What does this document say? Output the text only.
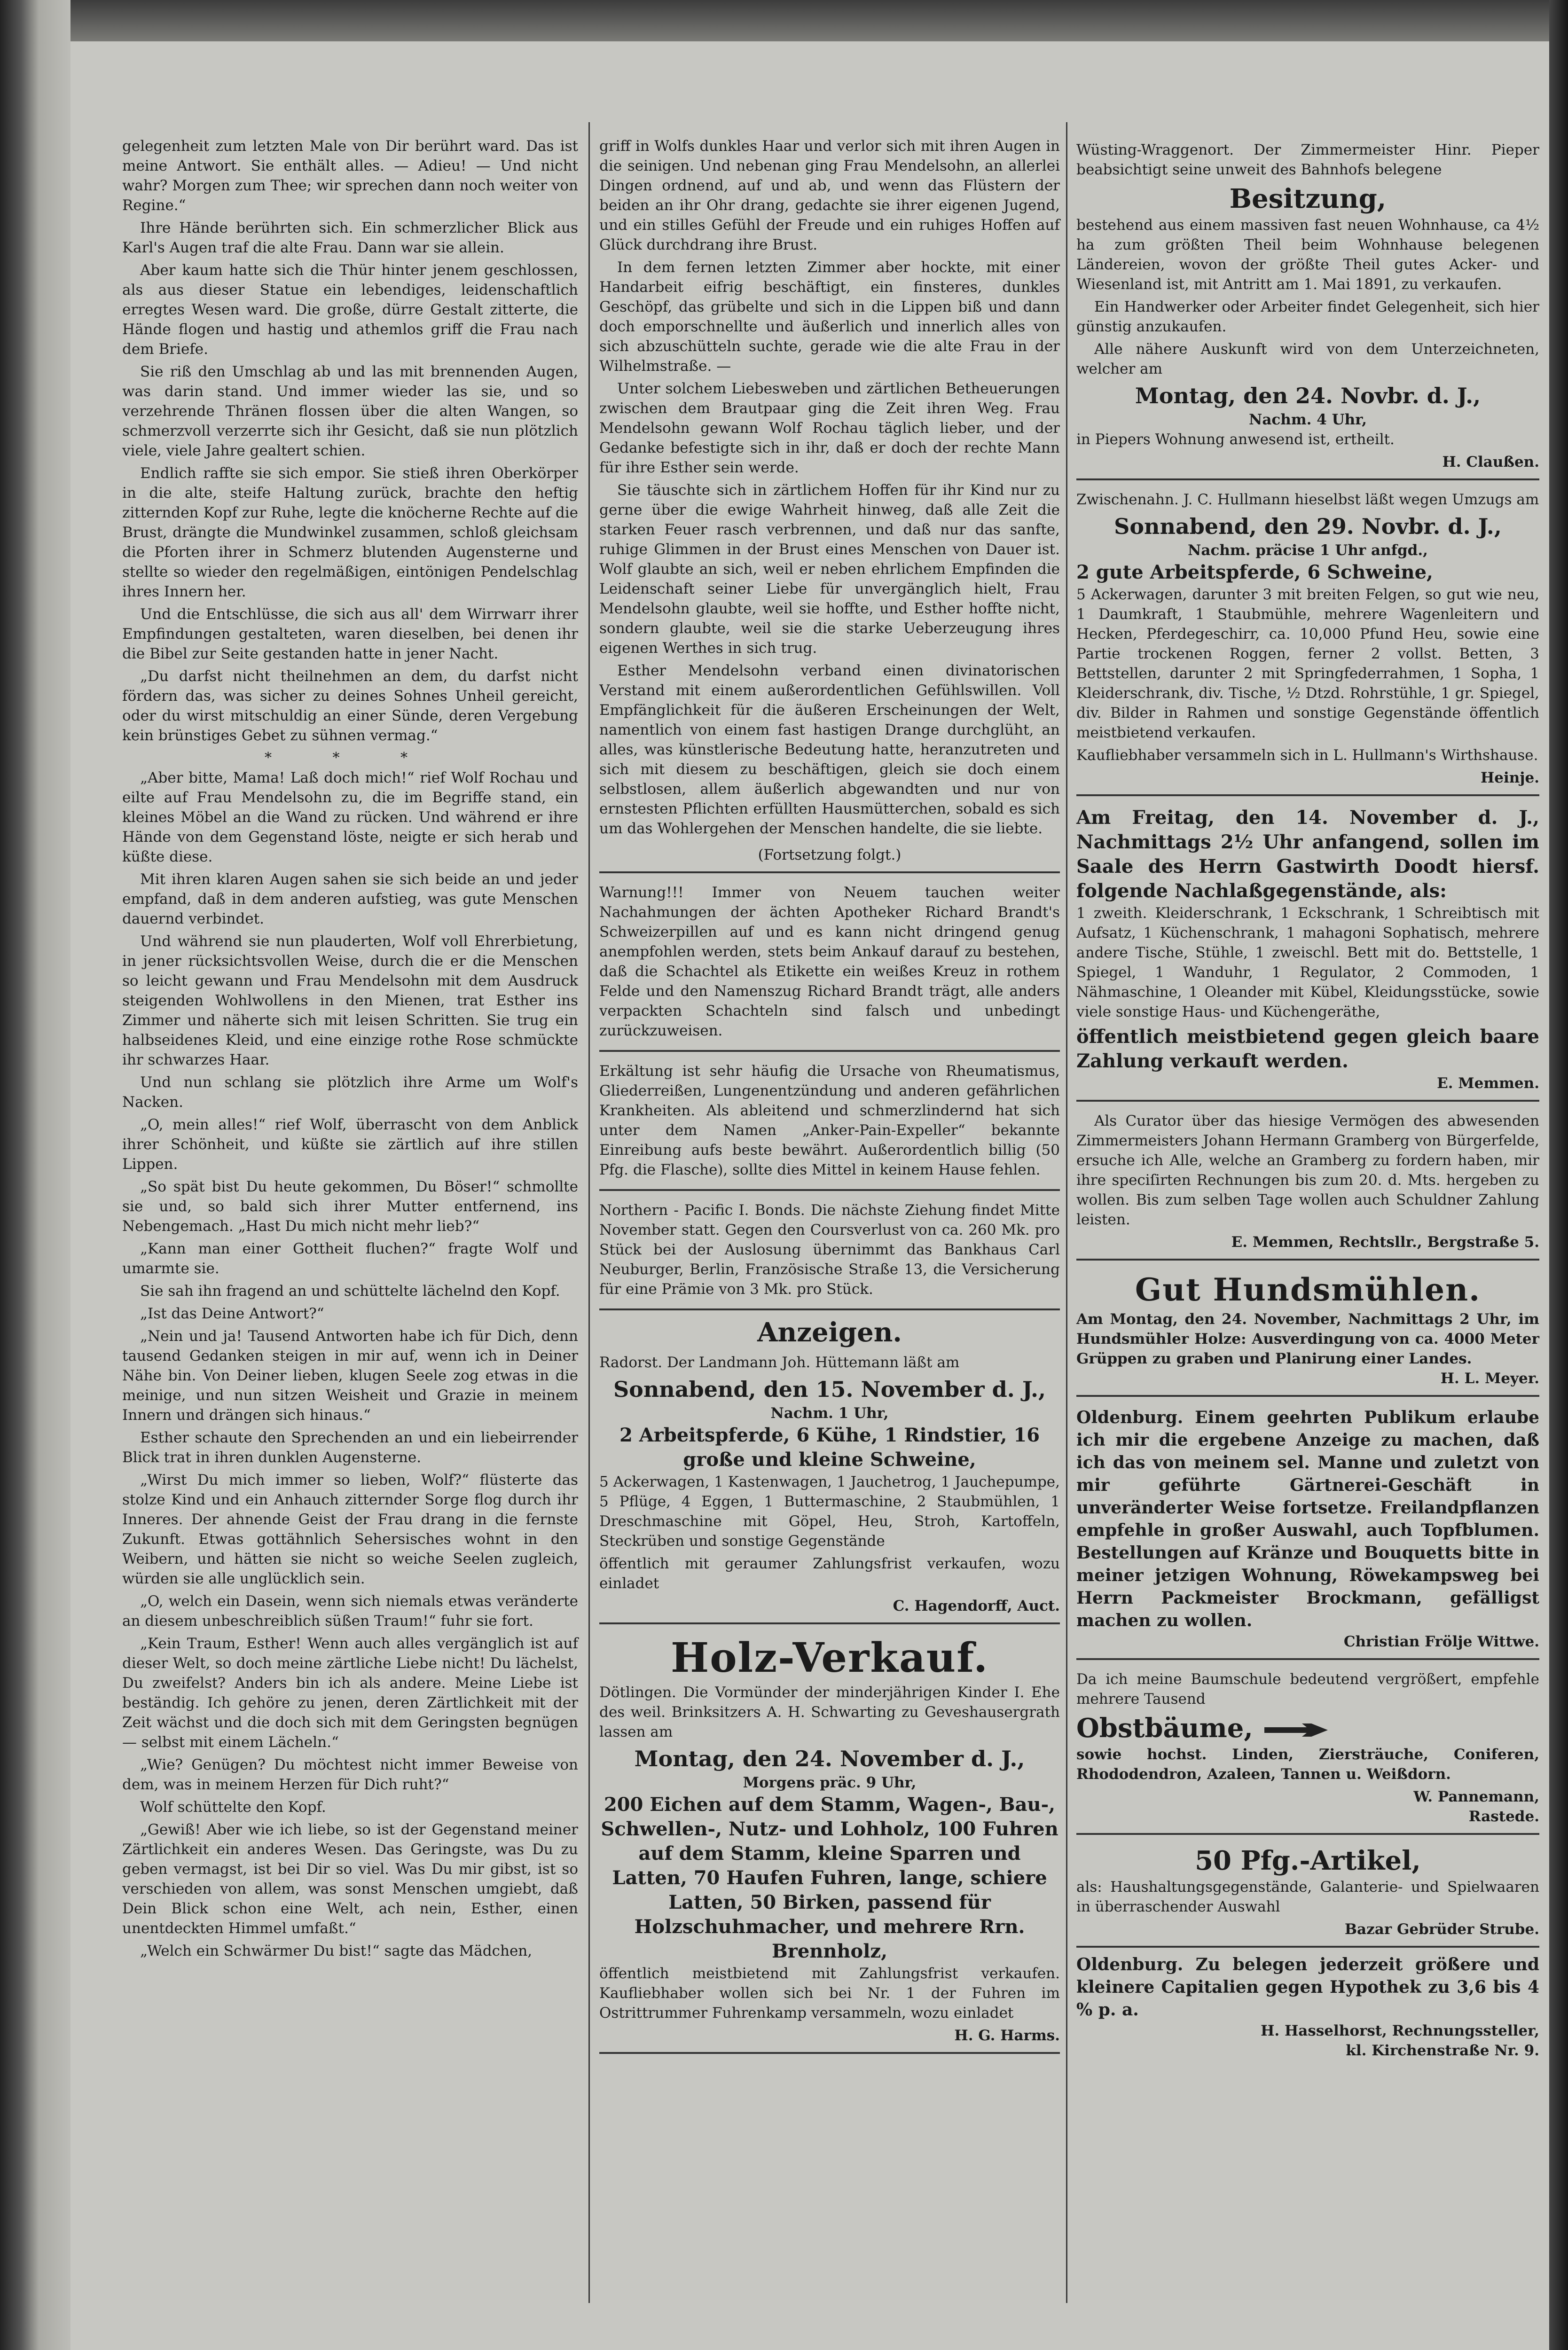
gelegenheit zum letzten Male von Dir berührt ward. Das ist meine Antwort. Sie enthält alles. — Adieu! — Und nicht wahr? Morgen zum Thee; wir sprechen dann noch weiter von Regine.“

Ihre Hände berührten sich. Ein schmerzlicher Blick aus Karl's Augen traf die alte Frau. Dann war sie allein.

Aber kaum hatte sich die Thür hinter jenem geschlossen, als aus dieser Statue ein lebendiges, leidenschaftlich erregtes Wesen ward. Die große, dürre Gestalt zitterte, die Hände flogen und hastig und athemlos griff die Frau nach dem Briefe.

Sie riß den Umschlag ab und las mit brennenden Augen, was darin stand. Und immer wieder las sie, und so verzehrende Thränen flossen über die alten Wangen, so schmerzvoll verzerrte sich ihr Gesicht, daß sie nun plötzlich viele, viele Jahre gealtert schien.

Endlich raffte sie sich empor. Sie stieß ihren Oberkörper in die alte, steife Haltung zurück, brachte den heftig zitternden Kopf zur Ruhe, legte die knöcherne Rechte auf die Brust, drängte die Mundwinkel zusammen, schloß gleichsam die Pforten ihrer in Schmerz blutenden Augensterne und stellte so wieder den regelmäßigen, eintönigen Pendelschlag ihres Innern her.

Und die Entschlüsse, die sich aus all' dem Wirrwarr ihrer Empfindungen gestalteten, waren dieselben, bei denen ihr die Bibel zur Seite gestanden hatte in jener Nacht.

„Du darfst nicht theilnehmen an dem, du darfst nicht fördern das, was sicher zu deines Sohnes Unheil gereicht, oder du wirst mitschuldig an einer Sünde, deren Vergebung kein brünstiges Gebet zu sühnen vermag.“

* * *

„Aber bitte, Mama! Laß doch mich!“ rief Wolf Rochau und eilte auf Frau Mendelsohn zu, die im Begriffe stand, ein kleines Möbel an die Wand zu rücken. Und während er ihre Hände von dem Gegenstand löste, neigte er sich herab und küßte diese.

Mit ihren klaren Augen sahen sie sich beide an und jeder empfand, daß in dem anderen aufstieg, was gute Menschen dauernd verbindet.

Und während sie nun plauderten, Wolf voll Ehrerbietung, in jener rücksichtsvollen Weise, durch die er die Menschen so leicht gewann und Frau Mendelsohn mit dem Ausdruck steigenden Wohlwollens in den Mienen, trat Esther ins Zimmer und näherte sich mit leisen Schritten. Sie trug ein halbseidenes Kleid, und eine einzige rothe Rose schmückte ihr schwarzes Haar.

Und nun schlang sie plötzlich ihre Arme um Wolf's Nacken.

„O, mein alles!“ rief Wolf, überrascht von dem Anblick ihrer Schönheit, und küßte sie zärtlich auf ihre stillen Lippen.

„So spät bist Du heute gekommen, Du Böser!“ schmollte sie und, so bald sich ihrer Mutter entfernend, ins Nebengemach. „Hast Du mich nicht mehr lieb?“

„Kann man einer Gottheit fluchen?“ fragte Wolf und umarmte sie.

Sie sah ihn fragend an und schüttelte lächelnd den Kopf.

„Ist das Deine Antwort?“

„Nein und ja! Tausend Antworten habe ich für Dich, denn tausend Gedanken steigen in mir auf, wenn ich in Deiner Nähe bin. Von Deiner lieben, klugen Seele zog etwas in die meinige, und nun sitzen Weisheit und Grazie in meinem Innern und drängen sich hinaus.“

Esther schaute den Sprechenden an und ein liebeirrender Blick trat in ihren dunklen Augensterne.

„Wirst Du mich immer so lieben, Wolf?“ flüsterte das stolze Kind und ein Anhauch zitternder Sorge flog durch ihr Inneres. Der ahnende Geist der Frau drang in die fernste Zukunft. Etwas gottähnlich Sehersisches wohnt in den Weibern, und hätten sie nicht so weiche Seelen zugleich, würden sie alle unglücklich sein.

„O, welch ein Dasein, wenn sich niemals etwas veränderte an diesem unbeschreiblich süßen Traum!“ fuhr sie fort.

„Kein Traum, Esther! Wenn auch alles vergänglich ist auf dieser Welt, so doch meine zärtliche Liebe nicht! Du lächelst, Du zweifelst? Anders bin ich als andere. Meine Liebe ist beständig. Ich gehöre zu jenen, deren Zärtlichkeit mit der Zeit wächst und die doch sich mit dem Geringsten begnügen — selbst mit einem Lächeln.“

„Wie? Genügen? Du möchtest nicht immer Beweise von dem, was in meinem Herzen für Dich ruht?“

Wolf schüttelte den Kopf.

„Gewiß! Aber wie ich liebe, so ist der Gegenstand meiner Zärtlichkeit ein anderes Wesen. Das Geringste, was Du zu geben vermagst, ist bei Dir so viel. Was Du mir gibst, ist so verschieden von allem, was sonst Menschen umgiebt, daß Dein Blick schon eine Welt, ach nein, Esther, einen unentdeckten Himmel umfaßt.“

„Welch ein Schwärmer Du bist!“ sagte das Mädchen,

griff in Wolfs dunkles Haar und verlor sich mit ihren Augen in die seinigen. Und nebenan ging Frau Mendelsohn, an allerlei Dingen ordnend, auf und ab, und wenn das Flüstern der beiden an ihr Ohr drang, gedachte sie ihrer eigenen Jugend, und ein stilles Gefühl der Freude und ein ruhiges Hoffen auf Glück durchdrang ihre Brust.

In dem fernen letzten Zimmer aber hockte, mit einer Handarbeit eifrig beschäftigt, ein finsteres, dunkles Geschöpf, das grübelte und sich in die Lippen biß und dann doch emporschnellte und äußerlich und innerlich alles von sich abzuschütteln suchte, gerade wie die alte Frau in der Wilhelmstraße. —

Unter solchem Liebesweben und zärtlichen Betheuerungen zwischen dem Brautpaar ging die Zeit ihren Weg. Frau Mendelsohn gewann Wolf Rochau täglich lieber, und der Gedanke befestigte sich in ihr, daß er doch der rechte Mann für ihre Esther sein werde.

Sie täuschte sich in zärtlichem Hoffen für ihr Kind nur zu gerne über die ewige Wahrheit hinweg, daß alle Zeit die starken Feuer rasch verbrennen, und daß nur das sanfte, ruhige Glimmen in der Brust eines Menschen von Dauer ist. Wolf glaubte an sich, weil er neben ehrlichem Empfinden die Leidenschaft seiner Liebe für unvergänglich hielt, Frau Mendelsohn glaubte, weil sie hoffte, und Esther hoffte nicht, sondern glaubte, weil sie die starke Ueberzeugung ihres eigenen Werthes in sich trug.

Esther Mendelsohn verband einen divinatorischen Verstand mit einem außerordentlichen Gefühlswillen. Voll Empfänglichkeit für die äußeren Erscheinungen der Welt, namentlich von einem fast hastigen Drange durchglüht, an alles, was künstlerische Bedeutung hatte, heranzutreten und sich mit diesem zu beschäftigen, gleich sie doch einem selbstlosen, allem äußerlich abgewandten und nur von ernstesten Pflichten erfüllten Hausmütterchen, sobald es sich um das Wohlergehen der Menschen handelte, die sie liebte.

(Fortsetzung folgt.)

Warnung!!! Immer von Neuem tauchen weiter Nachahmungen der ächten Apotheker Richard Brandt's Schweizerpillen auf und es kann nicht dringend genug anempfohlen werden, stets beim Ankauf darauf zu bestehen, daß die Schachtel als Etikette ein weißes Kreuz in rothem Felde und den Namenszug Richard Brandt trägt, alle anders verpackten Schachteln sind falsch und unbedingt zurückzuweisen.

Erkältung ist sehr häufig die Ursache von Rheumatismus, Gliederreißen, Lungenentzündung und anderen gefährlichen Krankheiten. Als ableitend und schmerzlindernd hat sich unter dem Namen „Anker-Pain-Expeller“ bekannte Einreibung aufs beste bewährt. Außerordentlich billig (50 Pfg. die Flasche), sollte dies Mittel in keinem Hause fehlen.

Northern - Pacific I. Bonds. Die nächste Ziehung findet Mitte November statt. Gegen den Coursverlust von ca. 260 Mk. pro Stück bei der Auslosung übernimmt das Bankhaus Carl Neuburger, Berlin, Französische Straße 13, die Versicherung für eine Prämie von 3 Mk. pro Stück.

Anzeigen.

Radorst. Der Landmann Joh. Hüttemann läßt am

Sonnabend, den 15. November d. J.,
Nachm. 1 Uhr,
2 Arbeitspferde, 6 Kühe, 1 Rindstier, 16 große und kleine Schweine,

5 Ackerwagen, 1 Kastenwagen, 1 Jauchetrog, 1 Jauchepumpe, 5 Pflüge, 4 Eggen, 1 Buttermaschine, 2 Staubmühlen, 1 Dreschmaschine mit Göpel, Heu, Stroh, Kartoffeln, Steckrüben und sonstige Gegenstände

öffentlich mit geraumer Zahlungsfrist verkaufen, wozu einladet

C. Hagendorff, Auct.
Holz-Verkauf.

Dötlingen. Die Vormünder der minderjährigen Kinder I. Ehe des weil. Brinksitzers A. H. Schwarting zu Geveshausergrath lassen am

Montag, den 24. November d. J.,
Morgens präc. 9 Uhr,
200 Eichen auf dem Stamm, Wagen-, Bau-, Schwellen-, Nutz- und Lohholz, 100 Fuhren auf dem Stamm, kleine Sparren und Latten, 70 Haufen Fuhren, lange, schiere Latten, 50 Birken, passend für Holzschuhmacher, und mehrere Rrn. Brennholz,

öffentlich meistbietend mit Zahlungsfrist verkaufen. Kaufliebhaber wollen sich bei Nr. 1 der Fuhren im Ostrittrummer Fuhrenkamp versammeln, wozu einladet

H. G. Harms.

Wüsting-Wraggenort. Der Zimmermeister Hinr. Pieper beabsichtigt seine unweit des Bahnhofs belegene

Besitzung,

bestehend aus einem massiven fast neuen Wohnhause, ca 4½ ha zum größten Theil beim Wohnhause belegenen Ländereien, wovon der größte Theil gutes Acker- und Wiesenland ist, mit Antritt am 1. Mai 1891, zu verkaufen.

Ein Handwerker oder Arbeiter findet Gelegenheit, sich hier günstig anzukaufen.

Alle nähere Auskunft wird von dem Unterzeichneten, welcher am

Montag, den 24. Novbr. d. J.,
Nachm. 4 Uhr,

in Piepers Wohnung anwesend ist, ertheilt.

H. Claußen.

Zwischenahn. J. C. Hullmann hieselbst läßt wegen Umzugs am

Sonnabend, den 29. Novbr. d. J.,
Nachm. präcise 1 Uhr anfgd.,
2 gute Arbeitspferde, 6 Schweine,

5 Ackerwagen, darunter 3 mit breiten Felgen, so gut wie neu, 1 Daumkraft, 1 Staubmühle, mehrere Wagenleitern und Hecken, Pferdegeschirr, ca. 10,000 Pfund Heu, sowie eine Partie trockenen Roggen, ferner 2 vollst. Betten, 3 Bettstellen, darunter 2 mit Springfederrahmen, 1 Sopha, 1 Kleiderschrank, div. Tische, ½ Dtzd. Rohrstühle, 1 gr. Spiegel, div. Bilder in Rahmen und sonstige Gegenstände öffentlich meistbietend verkaufen.

Kaufliebhaber versammeln sich in L. Hullmann's Wirthshause.

Heinje.
Am Freitag, den 14. November d. J., Nachmittags 2½ Uhr anfangend, sollen im Saale des Herrn Gastwirth Doodt hiersf. folgende Nachlaßgegenstände, als:

1 zweith. Kleiderschrank, 1 Eckschrank, 1 Schreibtisch mit Aufsatz, 1 Küchenschrank, 1 mahagoni Sophatisch, mehrere andere Tische, Stühle, 1 zweischl. Bett mit do. Bettstelle, 1 Spiegel, 1 Wanduhr, 1 Regulator, 2 Commoden, 1 Nähmaschine, 1 Oleander mit Kübel, Kleidungsstücke, sowie viele sonstige Haus- und Küchengeräthe,

öffentlich meistbietend gegen gleich baare Zahlung verkauft werden.
E. Memmen.

Als Curator über das hiesige Vermögen des abwesenden Zimmermeisters Johann Hermann Gramberg von Bürgerfelde, ersuche ich Alle, welche an Gramberg zu fordern haben, mir ihre speciſirten Rechnungen bis zum 20. d. Mts. hergeben zu wollen. Bis zum selben Tage wollen auch Schuldner Zahlung leisten.

E. Memmen, Rechtsllr., Bergstraße 5.
Gut Hundsmühlen.
Am Montag, den 24. November, Nachmittags 2 Uhr, im Hundsmühler Holze: Ausverdingung von ca. 4000 Meter Grüppen zu graben und Planirung einer Landes.
H. L. Meyer.
Oldenburg. Einem geehrten Publikum erlaube ich mir die ergebene Anzeige zu machen, daß ich das von meinem sel. Manne und zuletzt von mir geführte Gärtnerei-Geschäft in unveränderter Weise fortsetze. Freilandpflanzen empfehle in großer Auswahl, auch Topfblumen. Bestellungen auf Kränze und Bouquetts bitte in meiner jetzigen Wohnung, Röwekampsweg bei Herrn Packmeister Brockmann, gefälligst machen zu wollen.
Christian Frölje Wittwe.

Da ich meine Baumschule bedeutend vergrößert, empfehle mehrere Tausend

Obstbäume,

sowie hochst. Linden, Ziersträuche, Coniferen, Rhododendron, Azaleen, Tannen u. Weißdorn.

W. Pannemann,
Rastede.
50 Pfg.-Artikel,

als: Haushaltungsgegenstände, Galanterie- und Spielwaaren in überraschender Auswahl

Bazar Gebrüder Strube.
Oldenburg. Zu belegen jederzeit größere und kleinere Capitalien gegen Hypothek zu 3,6 bis 4 % p. a.
H. Hasselhorst, Rechnungssteller,
kl. Kirchenstraße Nr. 9.
